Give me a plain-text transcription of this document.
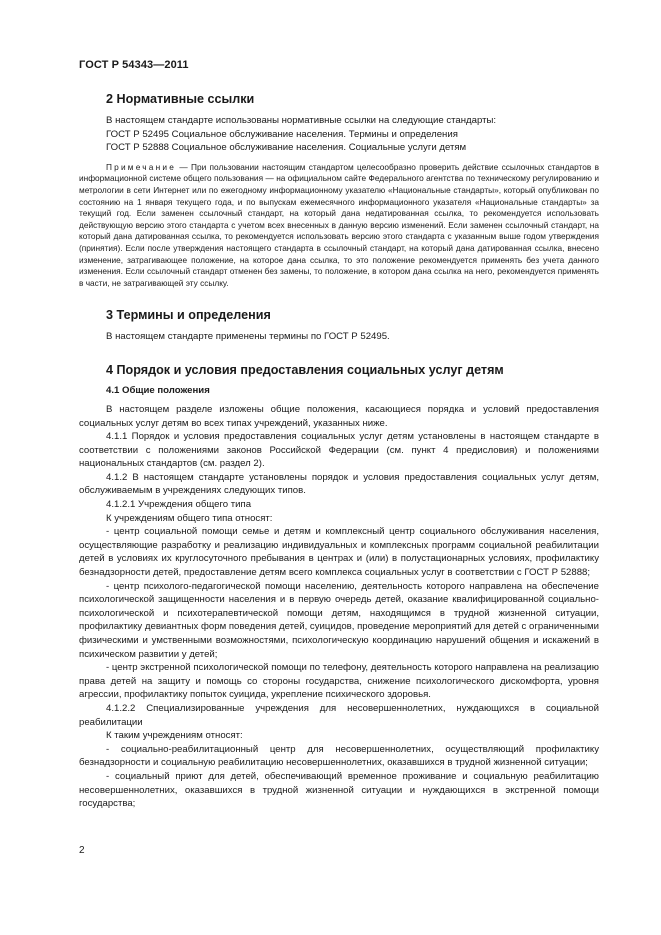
ГОСТ Р 54343—2011
2 Нормативные ссылки

В настоящем стандарте использованы нормативные ссылки на следующие стандарты:

ГОСТ Р 52495 Социальное обслуживание населения. Термины и определения

ГОСТ Р 52888 Социальное обслуживание населения. Социальные услуги детям

Примечание — При пользовании настоящим стандартом целесообразно проверить действие ссылочных стандартов в информационной системе общего пользования — на официальном сайте Федерального агентства по техническому регулированию и метрологии в сети Интернет или по ежегодному информационному указателю «Национальные стандарты», который опубликован по состоянию на 1 января текущего года, и по выпускам ежемесячного информационного указателя «Национальные стандарты» за текущий год. Если заменен ссылочный стандарт, на который дана недатированная ссылка, то рекомендуется использовать действующую версию этого стандарта с учетом всех внесенных в данную версию изменений. Если заменен ссылочный стандарт, на который дана датированная ссылка, то рекомендуется использовать версию этого стандарта с указанным выше годом утверждения (принятия). Если после утверждения настоящего стандарта в ссылочный стандарт, на который дана датированная ссылка, внесено изменение, затрагивающее положение, на которое дана ссылка, то это положение рекомендуется применять без учета данного изменения. Если ссылочный стандарт отменен без замены, то положение, в котором дана ссылка на него, рекомендуется применять в части, не затрагивающей эту ссылку.

3 Термины и определения

В настоящем стандарте применены термины по ГОСТ Р 52495.

4 Порядок и условия предоставления социальных услуг детям
4.1 Общие положения

В настоящем разделе изложены общие положения, касающиеся порядка и условий предоставления социальных услуг детям во всех типах учреждений, указанных ниже.

4.1.1 Порядок и условия предоставления социальных услуг детям установлены в настоящем стандарте в соответствии с положениями законов Российской Федерации (см. пункт 4 предисловия) и положениями национальных стандартов (см. раздел 2).

4.1.2 В настоящем стандарте установлены порядок и условия предоставления социальных услуг детям, обслуживаемым в учреждениях следующих типов.

4.1.2.1 Учреждения общего типа

К учреждениям общего типа относят:

- центр социальной помощи семье и детям и комплексный центр социального обслуживания населения, осуществляющие разработку и реализацию индивидуальных и комплексных программ социальной реабилитации детей в условиях их круглосуточного пребывания в центрах и (или) в полустационарных условиях, профилактику безнадзорности детей, предоставление детям всего комплекса социальных услуг в соответствии с ГОСТ Р 52888;

- центр психолого-педагогической помощи населению, деятельность которого направлена на обеспечение психологической защищенности населения и в первую очередь детей, оказание квалифицированной социально-психологической и психотерапевтической помощи детям, находящимся в трудной жизненной ситуации, профилактику девиантных форм поведения детей, суицидов, проведение мероприятий для детей с ограниченными физическими и умственными возможностями, психологическую координацию нарушений общения и искажений в психическом развитии у детей;

- центр экстренной психологической помощи по телефону, деятельность которого направлена на реализацию права детей на защиту и помощь со стороны государства, снижение психологического дискомфорта, уровня агрессии, профилактику попыток суицида, укрепление психического здоровья.

4.1.2.2 Специализированные учреждения для несовершеннолетних, нуждающихся в социальной реабилитации

К таким учреждениям относят:

- социально-реабилитационный центр для несовершеннолетних, осуществляющий профилактику безнадзорности и социальную реабилитацию несовершеннолетних, оказавшихся в трудной жизненной ситуации;

- социальный приют для детей, обеспечивающий временное проживание и социальную реабилитацию несовершеннолетних, оказавшихся в трудной жизненной ситуации и нуждающихся в экстренной помощи государства;

2
